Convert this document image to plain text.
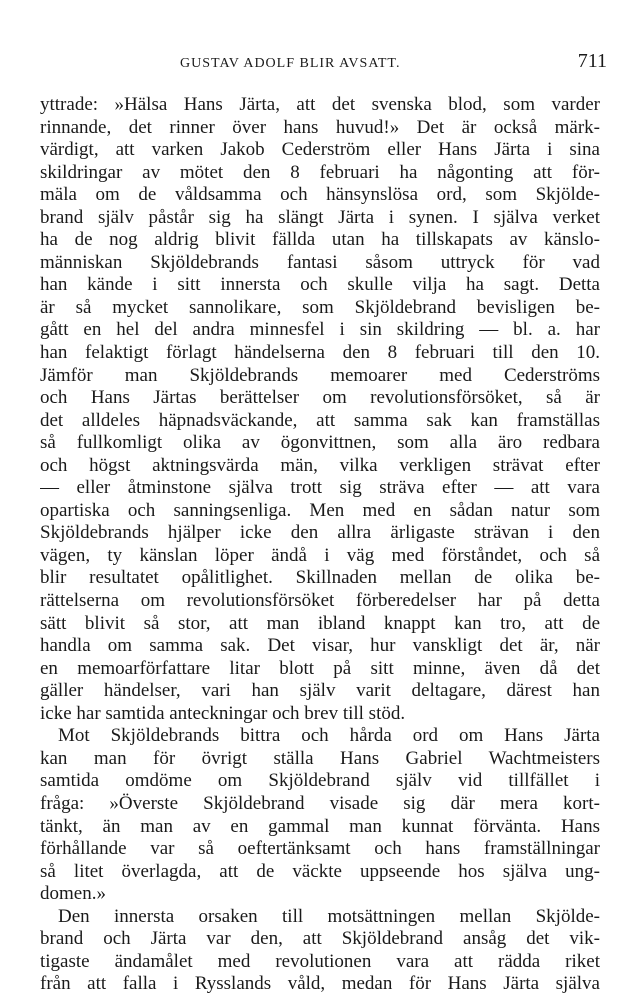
GUSTAV ADOLF BLIR AVSATT.	711
yttrade: »Hälsa Hans Järta, att det svenska blod, som varder
rinnande, det rinner över hans huvud!» Det är också märk-
värdigt, att varken Jakob Cederström eller Hans Järta i sina
skildringar av mötet den 8 februari ha någonting att för-
mäla om de våldsamma och hänsynslösa ord, som Skjölde-
brand själv påstår sig ha slängt Järta i synen. I själva verket
ha de nog aldrig blivit fällda utan ha tillskapats av känslo-
människan Skjöldebrands fantasi såsom uttryck för vad
han kände i sitt innersta och skulle vilja ha sagt. Detta
är så mycket sannolikare, som Skjöldebrand bevisligen be-
gått en hel del andra minnesfel i sin skildring — bl. a. har
han felaktigt förlagt händelserna den 8 februari till den 10.
Jämför man Skjöldebrands memoarer med Cederströms
och Hans Järtas berättelser om revolutionsförsöket, så är
det alldeles häpnadsväckande, att samma sak kan framställas
så fullkomligt olika av ögonvittnen, som alla äro redbara
och högst aktningsvärda män, vilka verkligen strävat efter
— eller åtminstone själva trott sig sträva efter — att vara
opartiska och sanningsenliga. Men med en sådan natur som
Skjöldebrands hjälper icke den allra ärligaste strävan i den
vägen, ty känslan löper ändå i väg med förståndet, och så
blir resultatet opålitlighet. Skillnaden mellan de olika be-
rättelserna om revolutionsförsöket förberedelser har på detta
sätt blivit så stor, att man ibland knappt kan tro, att de
handla om samma sak. Det visar, hur vanskligt det är, när
en memoarförfattare litar blott på sitt minne, även då det
gäller händelser, vari han själv varit deltagare, därest han
icke har samtida anteckningar och brev till stöd.
Mot Skjöldebrands bittra och hårda ord om Hans Järta
kan man för övrigt ställa Hans Gabriel Wachtmeisters
samtida omdöme om Skjöldebrand själv vid tillfället i
fråga: »Överste Skjöldebrand visade sig där mera kort-
tänkt, än man av en gammal man kunnat förvänta. Hans
förhållande var så oeftertänksamt och hans framställningar
så litet överlagda, att de väckte uppseende hos själva ung-
domen.»
Den innersta orsaken till motsättningen mellan Skjölde-
brand och Järta var den, att Skjöldebrand ansåg det vik-
tigaste ändamålet med revolutionen vara att rädda riket
från att falla i Rysslands våld, medan för Hans Järta själva
